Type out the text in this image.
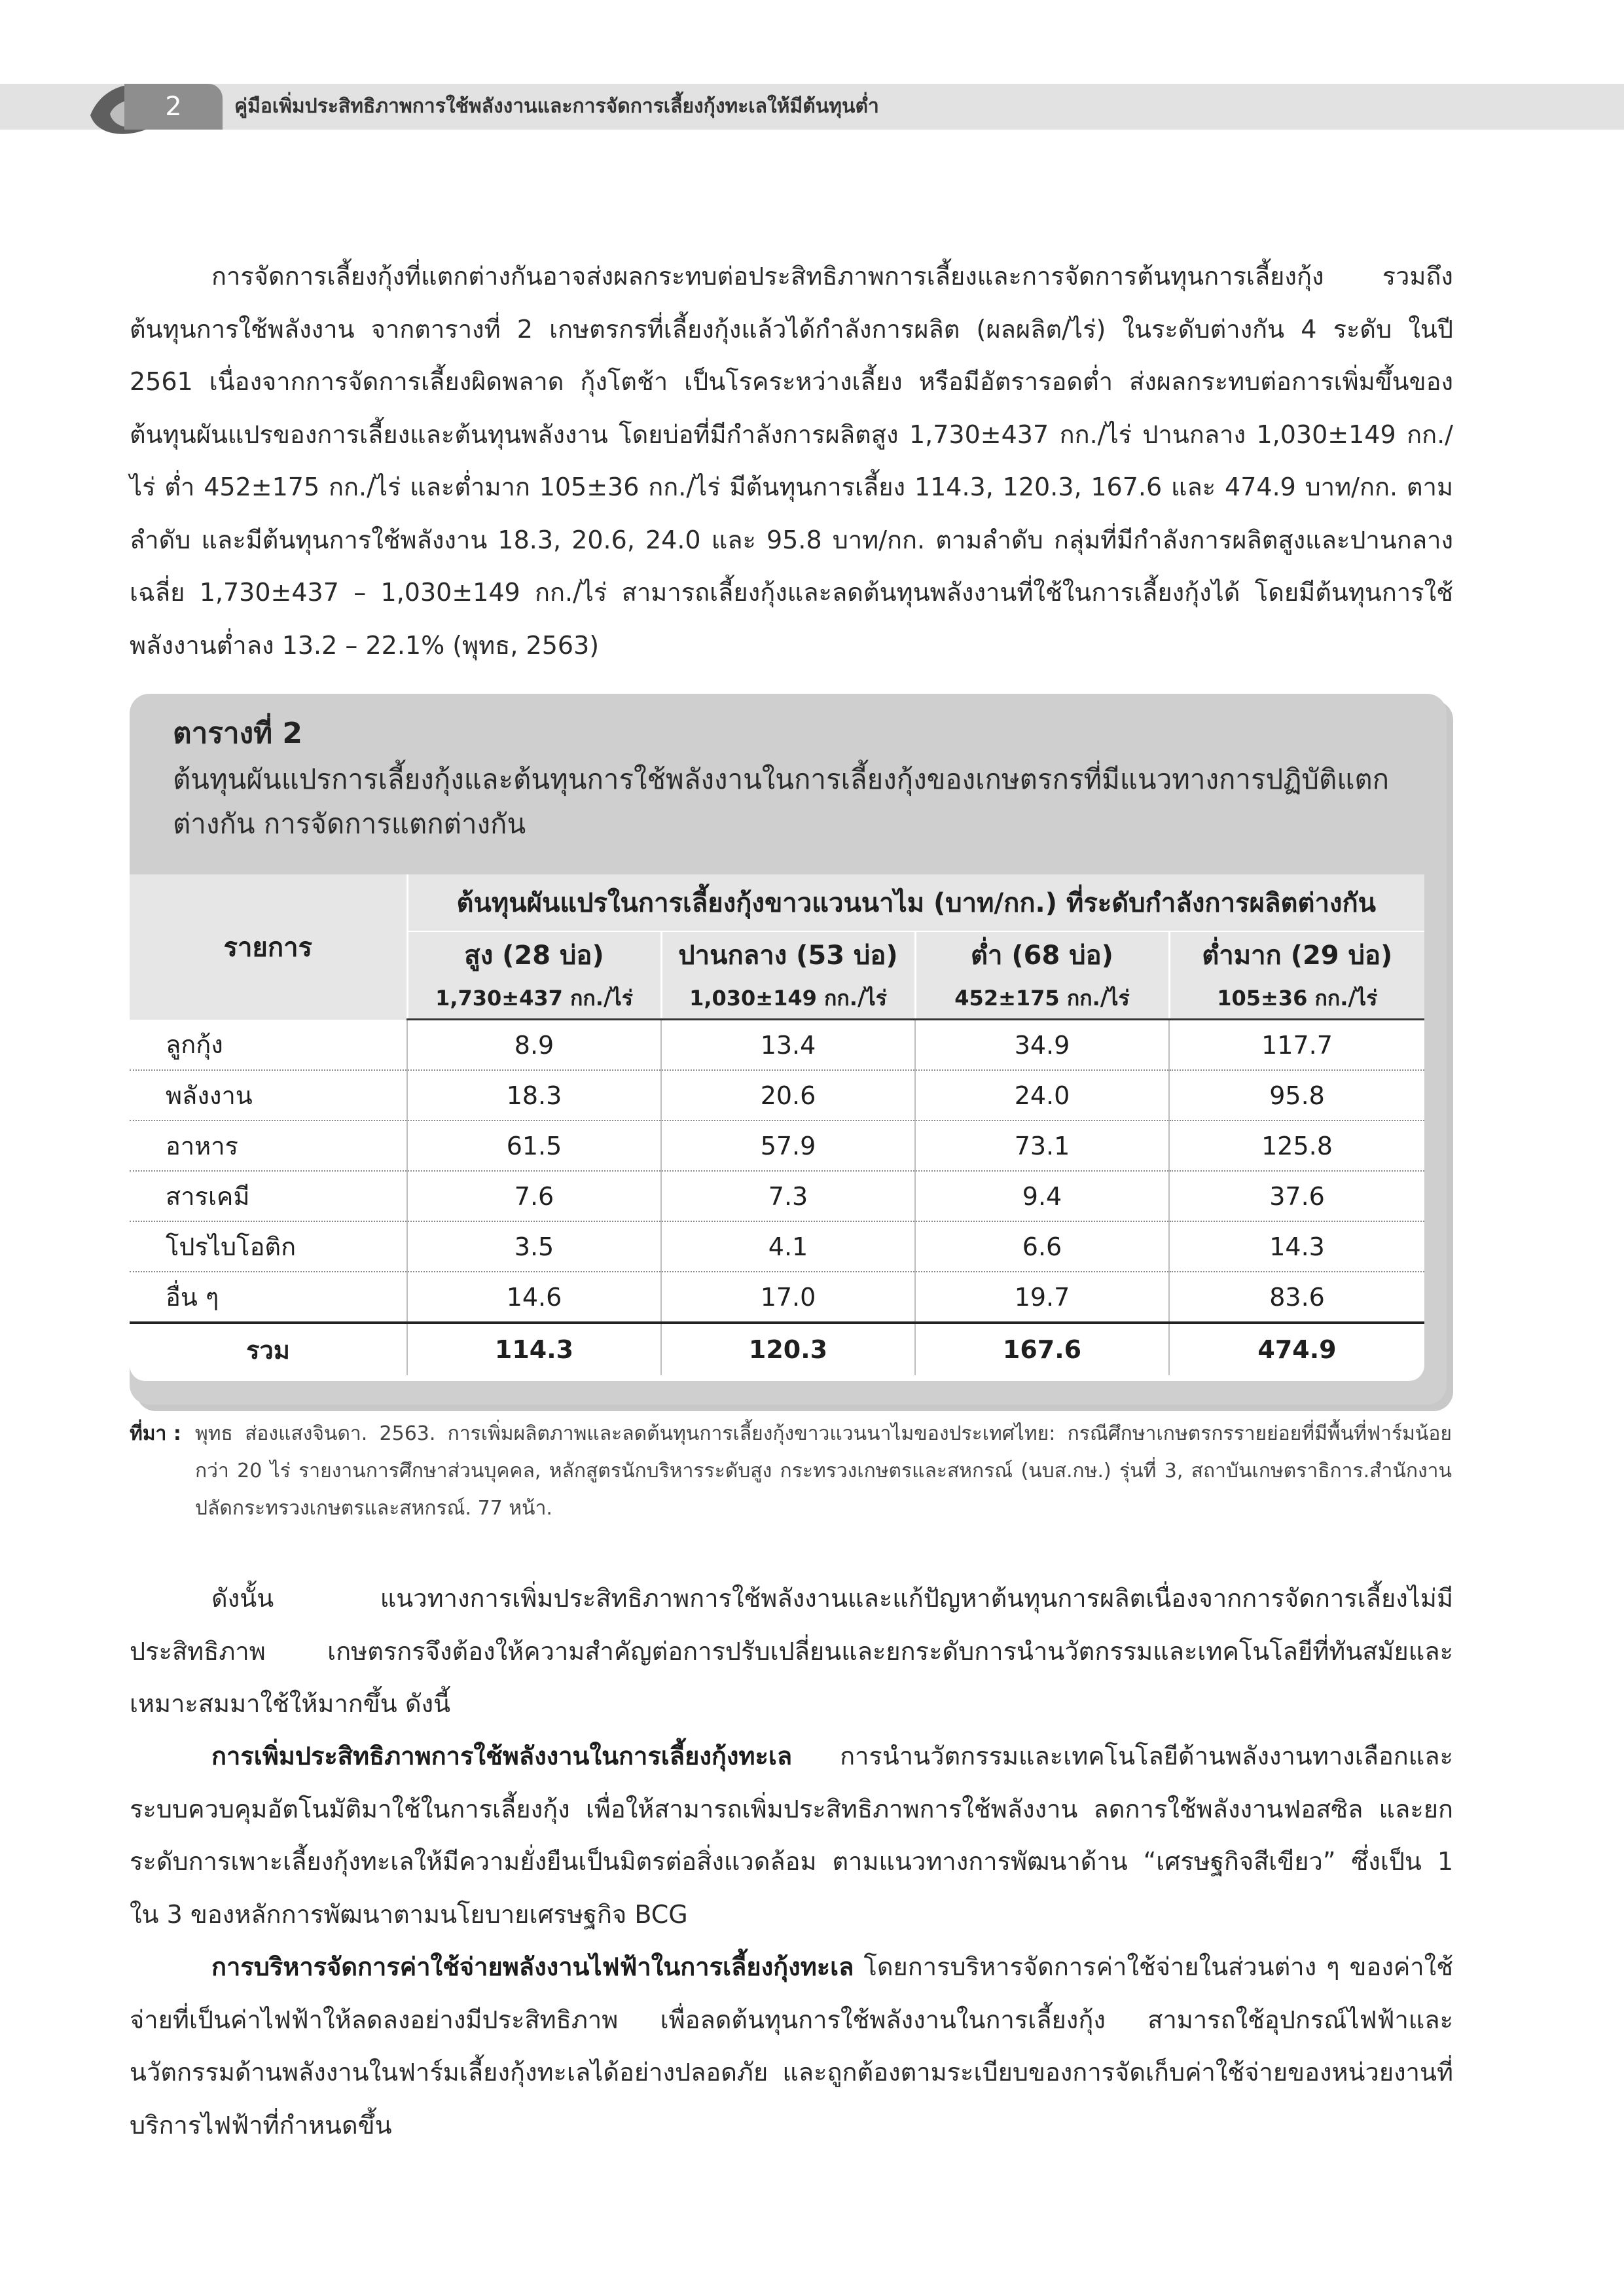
2	คู่มือเพิ่มประสิทธิภาพการใช้พลังงานและการจัดการเลี้ยงกุ้งทะเลให้มีต้นทุนต่ำ
การจัดการเลี้ยงกุ้งที่แตกต่างกันอาจส่งผลกระทบต่อประสิทธิภาพการเลี้ยงและการจัดการต้นทุนการเลี้ยงกุ้ง รวมถึงต้นทุนการใช้พลังงาน จากตารางที่ 2 เกษตรกรที่เลี้ยงกุ้งแล้วได้กำลังการผลิต (ผลผลิต/ไร่) ในระดับต่างกัน 4 ระดับ ในปี 2561 เนื่องจากการจัดการเลี้ยงผิดพลาด กุ้งโตช้า เป็นโรคระหว่างเลี้ยง หรือมีอัตรารอดต่ำ ส่งผลกระทบต่อการเพิ่มขึ้นของต้นทุนผันแปรของการเลี้ยงและต้นทุนพลังงาน โดยบ่อที่มีกำลังการผลิตสูง 1,730±437 กก./ไร่ ปานกลาง 1,030±149 กก./ไร่ ต่ำ 452±175 กก./ไร่ และต่ำมาก 105±36 กก./ไร่ มีต้นทุนการเลี้ยง 114.3, 120.3, 167.6 และ 474.9 บาท/กก. ตามลำดับ และมีต้นทุนการใช้พลังงาน 18.3, 20.6, 24.0 และ 95.8 บาท/กก. ตามลำดับ กลุ่มที่มีกำลังการผลิตสูงและปานกลางเฉลี่ย 1,730±437 – 1,030±149 กก./ไร่ สามารถเลี้ยงกุ้งและลดต้นทุนพลังงานที่ใช้ในการเลี้ยงกุ้งได้ โดยมีต้นทุนการใช้พลังงานต่ำลง 13.2 – 22.1% (พุทธ, 2563)
ตารางที่ 2
ต้นทุนผันแปรการเลี้ยงกุ้งและต้นทุนการใช้พลังงานในการเลี้ยงกุ้งของเกษตรกรที่มีแนวทางการปฏิบัติแตกต่างกัน การจัดการแตกต่างกัน
รายการ	ต้นทุนผันแปรในการเลี้ยงกุ้งขาวแวนนาไม (บาท/กก.) ที่ระดับกำลังการผลิตต่างกัน			
	สูง (28 บ่อ)	ปานกลาง (53 บ่อ)	ต่ำ (68 บ่อ)	ต่ำมาก (29 บ่อ)
	1,730±437 กก./ไร่	1,030±149 กก./ไร่	452±175 กก./ไร่	105±36 กก./ไร่
ลูกกุ้ง	8.9	13.4	34.9	117.7
พลังงาน	18.3	20.6	24.0	95.8
อาหาร	61.5	57.9	73.1	125.8
สารเคมี	7.6	7.3	9.4	37.6
โปรไบโอติก	3.5	4.1	6.6	14.3
อื่น ๆ	14.6	17.0	19.7	83.6
รวม	114.3	120.3	167.6	474.9
ที่มา : พุทธ ส่องแสงจินดา. 2563. การเพิ่มผลิตภาพและลดต้นทุนการเลี้ยงกุ้งขาวแวนนาไมของประเทศไทย: กรณีศึกษาเกษตรกรรายย่อยที่มีพื้นที่ฟาร์มน้อยกว่า 20 ไร่ รายงานการศึกษาส่วนบุคคล, หลักสูตรนักบริหารระดับสูง กระทรวงเกษตรและสหกรณ์ (นบส.กษ.) รุ่นที่ 3, สถาบันเกษตราธิการ.สำนักงานปลัดกระทรวงเกษตรและสหกรณ์. 77 หน้า.
ดังนั้น แนวทางการเพิ่มประสิทธิภาพการใช้พลังงานและแก้ปัญหาต้นทุนการผลิตเนื่องจากการจัดการเลี้ยงไม่มีประสิทธิภาพ เกษตรกรจึงต้องให้ความสำคัญต่อการปรับเปลี่ยนและยกระดับการนำนวัตกรรมและเทคโนโลยีที่ทันสมัยและเหมาะสมมาใช้ให้มากขึ้น ดังนี้
การเพิ่มประสิทธิภาพการใช้พลังงานในการเลี้ยงกุ้งทะเล การนำนวัตกรรมและเทคโนโลยีด้านพลังงานทางเลือกและระบบควบคุมอัตโนมัติมาใช้ในการเลี้ยงกุ้ง เพื่อให้สามารถเพิ่มประสิทธิภาพการใช้พลังงาน ลดการใช้พลังงานฟอสซิล และยกระดับการเพาะเลี้ยงกุ้งทะเลให้มีความยั่งยืนเป็นมิตรต่อสิ่งแวดล้อม ตามแนวทางการพัฒนาด้าน “เศรษฐกิจสีเขียว” ซึ่งเป็น 1 ใน 3 ของหลักการพัฒนาตามนโยบายเศรษฐกิจ BCG
การบริหารจัดการค่าใช้จ่ายพลังงานไฟฟ้าในการเลี้ยงกุ้งทะเล โดยการบริหารจัดการค่าใช้จ่ายในส่วนต่าง ๆ ของค่าใช้จ่ายที่เป็นค่าไฟฟ้าให้ลดลงอย่างมีประสิทธิภาพ เพื่อลดต้นทุนการใช้พลังงานในการเลี้ยงกุ้ง สามารถใช้อุปกรณ์ไฟฟ้าและนวัตกรรมด้านพลังงานในฟาร์มเลี้ยงกุ้งทะเลได้อย่างปลอดภัย และถูกต้องตามระเบียบของการจัดเก็บค่าใช้จ่ายของหน่วยงานที่บริการไฟฟ้าที่กำหนดขึ้น
